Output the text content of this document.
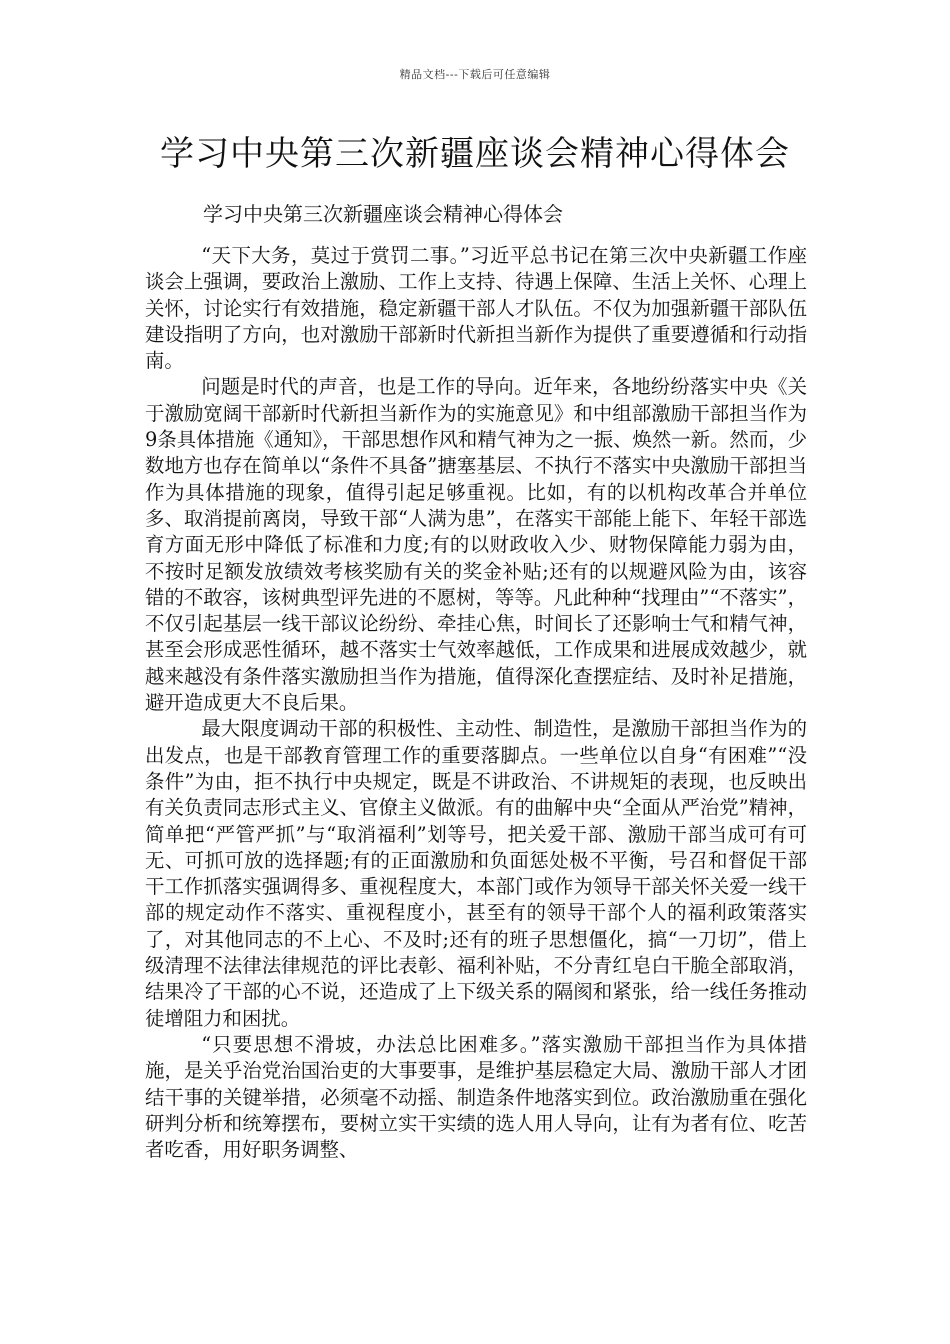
精品文档---下载后可任意编辑
学习中央第三次新疆座谈会精神心得体会
学习中央第三次新疆座谈会精神心得体会

“天下大务，莫过于赏罚二事。”习近平总书记在第三次中央新疆工作座谈会上强调，要政治上激励、工作上支持、待遇上保障、生活上关怀、心理上关怀，讨论实行有效措施，稳定新疆干部人才队伍。不仅为加强新疆干部队伍建设指明了方向，也对激励干部新时代新担当新作为提供了重要遵循和行动指南。

问题是时代的声音，也是工作的导向。近年来，各地纷纷落实中央《关于激励宽阔干部新时代新担当新作为的实施意见》和中组部激励干部担当作为9条具体措施《通知》，干部思想作风和精气神为之一振、焕然一新。然而，少数地方也存在简单以“条件不具备”搪塞基层、不执行不落实中央激励干部担当作为具体措施的现象，值得引起足够重视。比如，有的以机构改革合并单位多、取消提前离岗，导致干部“人满为患”，在落实干部能上能下、年轻干部选育方面无形中降低了标准和力度;有的以财政收入少、财物保障能力弱为由，不按时足额发放绩效考核奖励有关的奖金补贴;还有的以规避风险为由，该容错的不敢容，该树典型评先进的不愿树，等等。凡此种种“找理由”“不落实”，不仅引起基层一线干部议论纷纷、牵挂心焦，时间长了还影响士气和精气神，甚至会形成恶性循环，越不落实士气效率越低，工作成果和进展成效越少，就越来越没有条件落实激励担当作为措施，值得深化查摆症结、及时补足措施，避开造成更大不良后果。

最大限度调动干部的积极性、主动性、制造性，是激励干部担当作为的出发点，也是干部教育管理工作的重要落脚点。一些单位以自身“有困难”“没条件”为由，拒不执行中央规定，既是不讲政治、不讲规矩的表现，也反映出有关负责同志形式主义、官僚主义做派。有的曲解中央“全面从严治党”精神，简单把“严管严抓”与“取消福利”划等号，把关爱干部、激励干部当成可有可无、可抓可放的选择题;有的正面激励和负面惩处极不平衡，号召和督促干部干工作抓落实强调得多、重视程度大，本部门或作为领导干部关怀关爱一线干部的规定动作不落实、重视程度小，甚至有的领导干部个人的福利政策落实了，对其他同志的不上心、不及时;还有的班子思想僵化，搞“一刀切”，借上级清理不法律法律规范的评比表彰、福利补贴，不分青红皂白干脆全部取消，结果冷了干部的心不说，还造成了上下级关系的隔阂和紧张，给一线任务推动徒增阻力和困扰。

“只要思想不滑坡，办法总比困难多。”落实激励干部担当作为具体措施，是关乎治党治国治吏的大事要事，是维护基层稳定大局、激励干部人才团结干事的关键举措，必须毫不动摇、制造条件地落实到位。政治激励重在强化研判分析和统筹摆布，要树立实干实绩的选人用人导向，让有为者有位、吃苦者吃香，用好职务调整、
